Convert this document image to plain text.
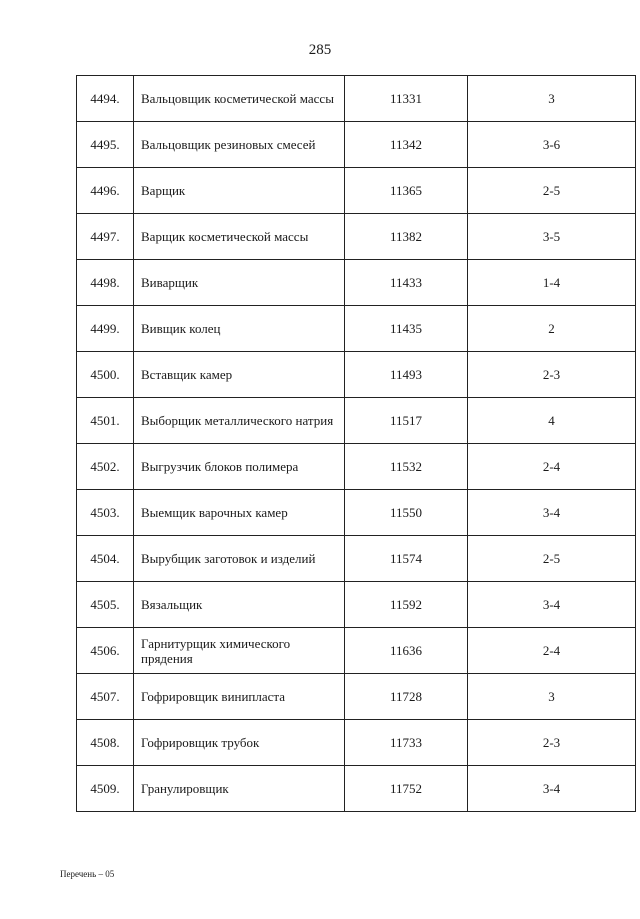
285
4494.	Вальцовщик косметической массы	11331	3
4495.	Вальцовщик резиновых смесей	11342	3-6
4496.	Варщик	11365	2-5
4497.	Варщик косметической массы	11382	3-5
4498.	Виварщик	11433	1-4
4499.	Вивщик колец	11435	2
4500.	Вставщик камер	11493	2-3
4501.	Выборщик металлического натрия	11517	4
4502.	Выгрузчик блоков полимера	11532	2-4
4503.	Выемщик варочных камер	11550	3-4
4504.	Вырубщик заготовок и изделий	11574	2-5
4505.	Вязальщик	11592	3-4
4506.	Гарнитурщик химического прядения	11636	2-4
4507.	Гофрировщик винипласта	11728	3
4508.	Гофрировщик трубок	11733	2-3
4509.	Гранулировщик	11752	3-4
Перечень – 05
